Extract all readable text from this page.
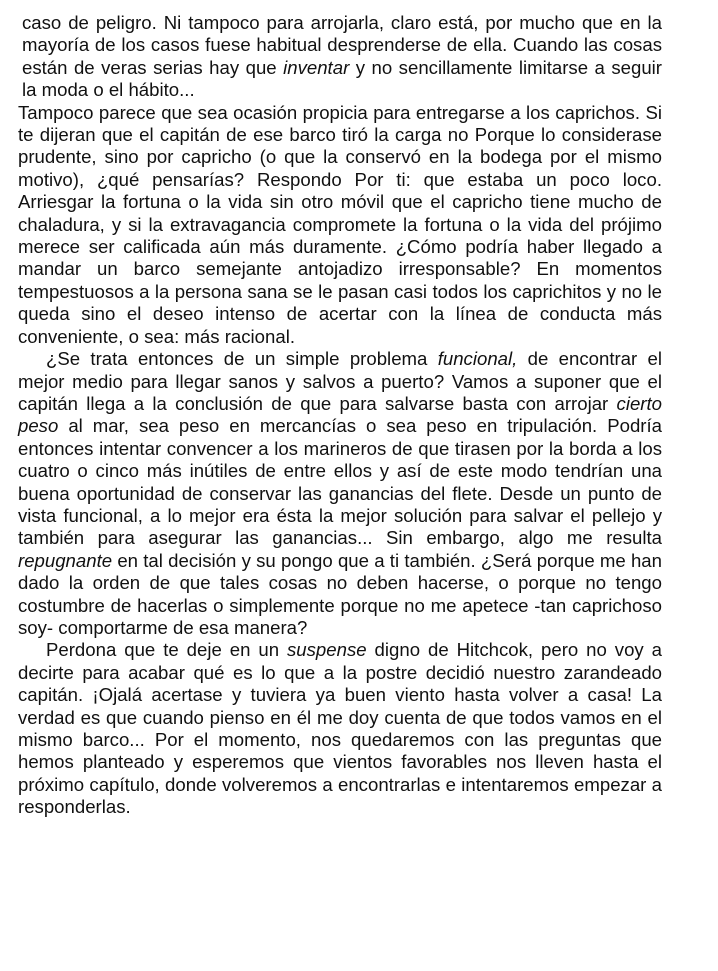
caso de peligro. Ni tampoco para arrojarla, claro está, por mucho que en la mayoría de los casos fuese habitual desprenderse de ella. Cuando las cosas están de veras serias hay que inventar y no sencillamente limitarse a seguir la moda o el hábito...

Tampoco parece que sea ocasión propicia para entregarse a los caprichos. Si te dijeran que el capitán de ese barco tiró la carga no Porque lo considerase prudente, sino por capricho (o que la conservó en la bodega por el mismo motivo), ¿qué pensarías? Respondo Por ti: que estaba un poco loco. Arriesgar la fortuna o la vida sin otro móvil que el capricho tiene mucho de chaladura, y si la extravagancia compromete la fortuna o la vida del prójimo merece ser calificada aún más duramente. ¿Cómo podría haber llegado a mandar un barco semejante antojadizo irresponsable? En momentos tempestuosos a la persona sana se le pasan casi todos los caprichitos y no le queda sino el deseo intenso de acertar con la línea de conducta más conveniente, o sea: más racional.

¿Se trata entonces de un simple problema funcional, de encontrar el mejor medio para llegar sanos y salvos a puerto? Vamos a suponer que el capitán llega a la conclusión de que para salvarse basta con arrojar cierto peso al mar, sea peso en mercancías o sea peso en tripulación. Podría entonces intentar convencer a los marineros de que tirasen por la borda a los cuatro o cinco más inútiles de entre ellos y así de este modo tendrían una buena oportunidad de conservar las ganancias del flete. Desde un punto de vista funcional, a lo mejor era ésta la mejor solución para salvar el pellejo y también para asegurar las ganancias... Sin embargo, algo me resulta repugnante en tal decisión y su pongo que a ti también. ¿Será porque me han dado la orden de que tales cosas no deben hacerse, o porque no tengo costumbre de hacerlas o simplemente porque no me apetece -tan caprichoso soy- comportarme de esa manera?

Perdona que te deje en un suspense digno de Hitchcok, pero no voy a decirte para acabar qué es lo que a la postre decidió nuestro zarandeado capitán. ¡Ojalá acertase y tuviera ya buen viento hasta volver a casa! La verdad es que cuando pienso en él me doy cuenta de que todos vamos en el mismo barco... Por el momento, nos quedaremos con las preguntas que hemos planteado y esperemos que vientos favorables nos lleven hasta el próximo capítulo, donde volveremos a encontrarlas e intentaremos empezar a responderlas.
